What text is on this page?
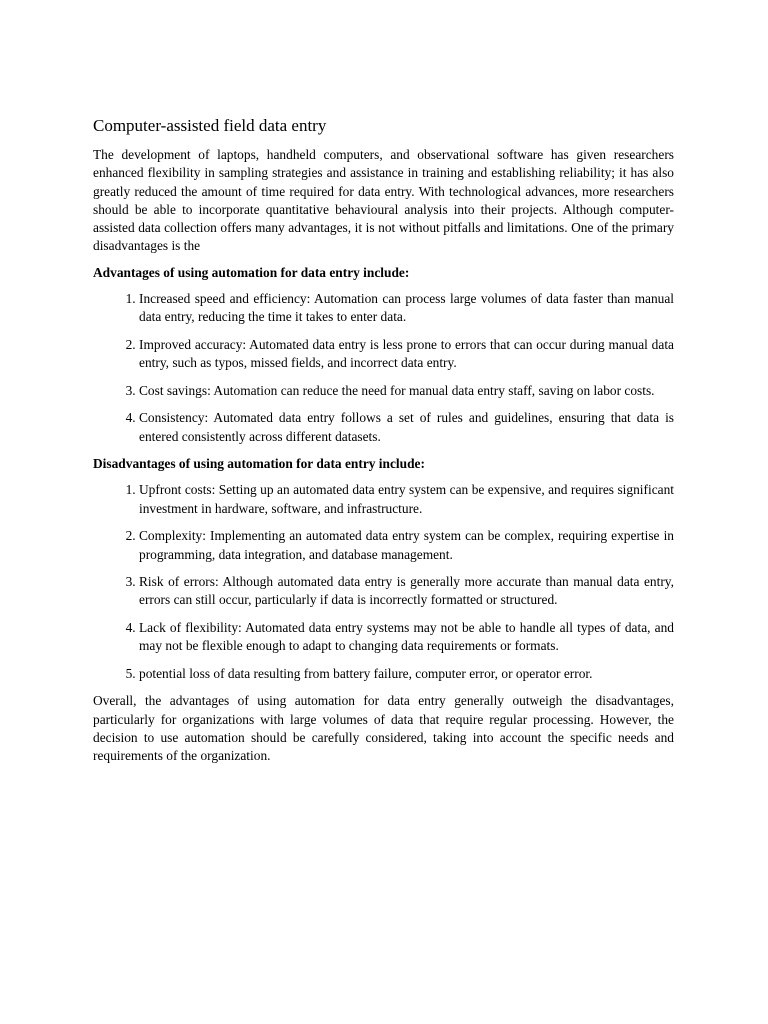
Computer-assisted field data entry

The development of laptops, handheld computers, and observational software has given researchers enhanced flexibility in sampling strategies and assistance in training and establishing reliability; it has also greatly reduced the amount of time required for data entry. With technological advances, more researchers should be able to incorporate quantitative behavioural analysis into their projects. Although computer-assisted data collection offers many advantages, it is not without pitfalls and limitations. One of the primary disadvantages is the

Advantages of using automation for data entry include:

1. Increased speed and efficiency: Automation can process large volumes of data faster than manual data entry, reducing the time it takes to enter data.
2. Improved accuracy: Automated data entry is less prone to errors that can occur during manual data entry, such as typos, missed fields, and incorrect data entry.
3. Cost savings: Automation can reduce the need for manual data entry staff, saving on labor costs.
4. Consistency: Automated data entry follows a set of rules and guidelines, ensuring that data is entered consistently across different datasets.

Disadvantages of using automation for data entry include:

1. Upfront costs: Setting up an automated data entry system can be expensive, and requires significant investment in hardware, software, and infrastructure.
2. Complexity: Implementing an automated data entry system can be complex, requiring expertise in programming, data integration, and database management.
3. Risk of errors: Although automated data entry is generally more accurate than manual data entry, errors can still occur, particularly if data is incorrectly formatted or structured.
4. Lack of flexibility: Automated data entry systems may not be able to handle all types of data, and may not be flexible enough to adapt to changing data requirements or formats.
5. potential loss of data resulting from battery failure, computer error, or operator error.

Overall, the advantages of using automation for data entry generally outweigh the disadvantages, particularly for organizations with large volumes of data that require regular processing. However, the decision to use automation should be carefully considered, taking into account the specific needs and requirements of the organization.
